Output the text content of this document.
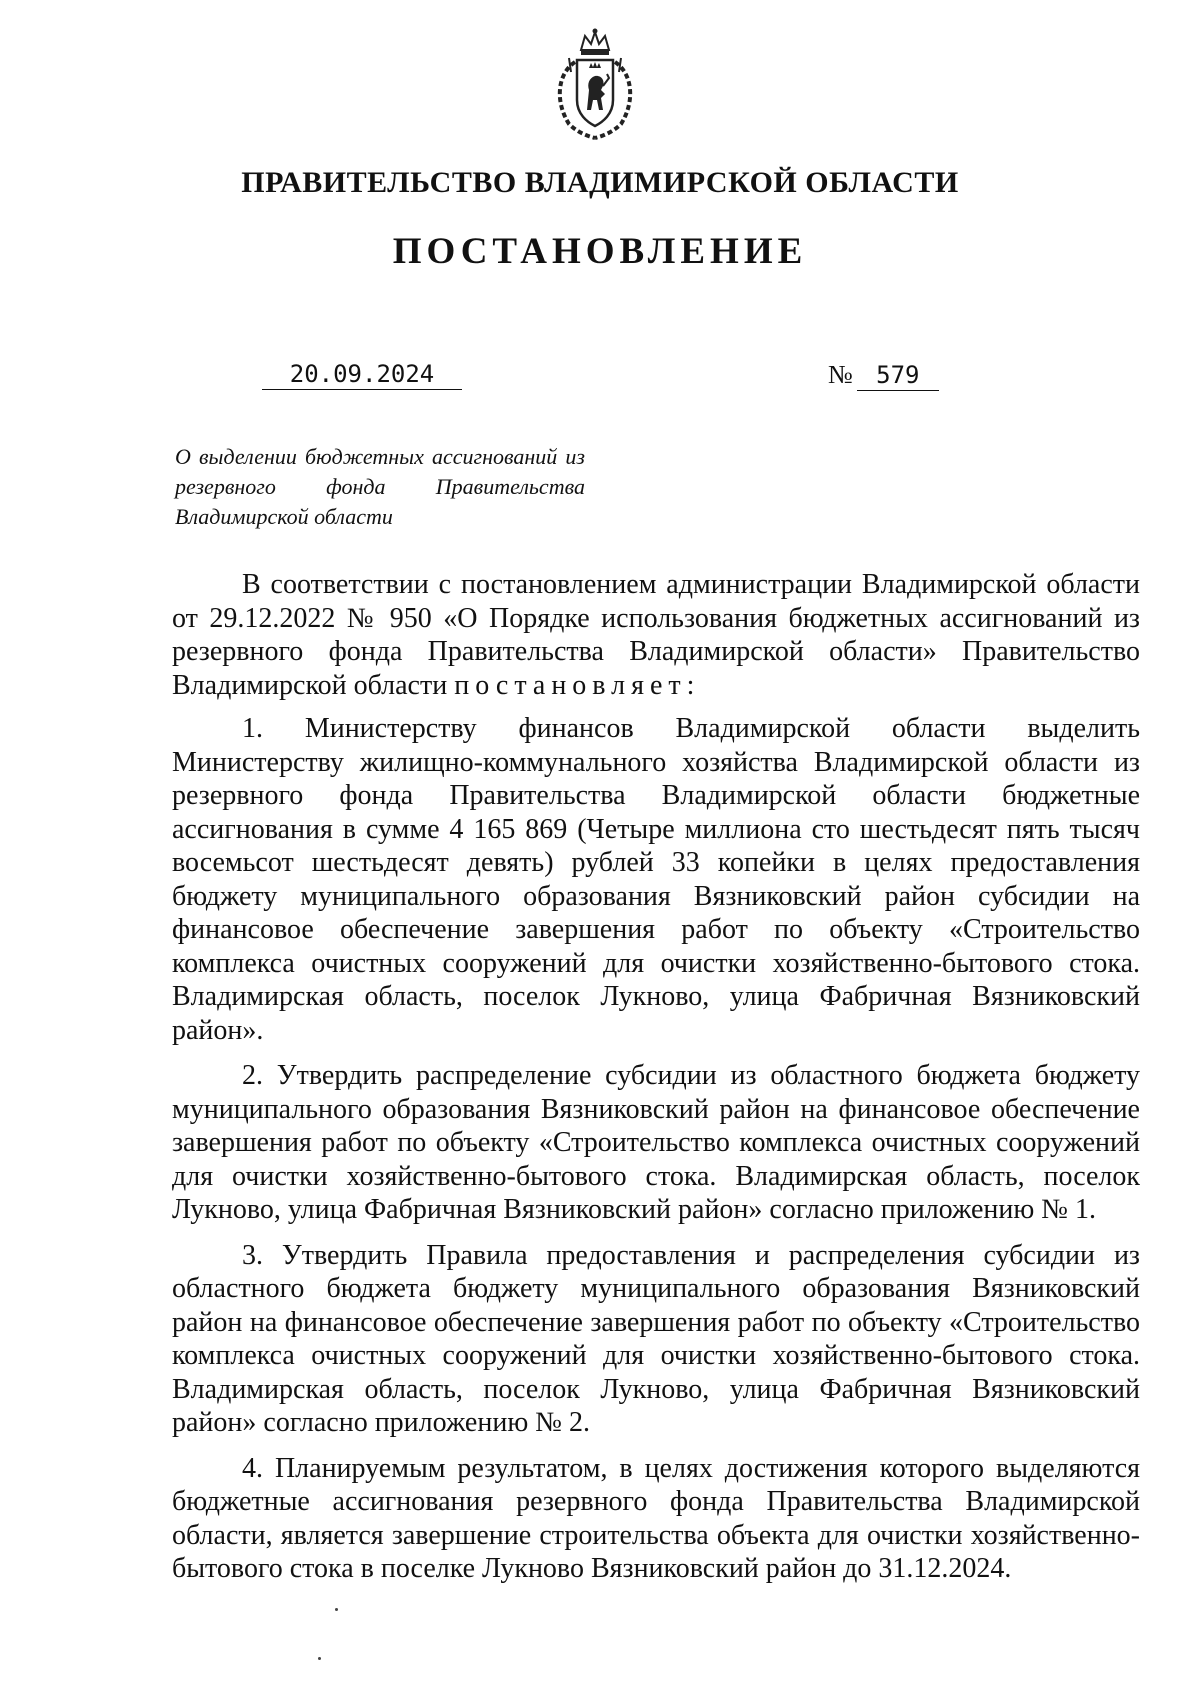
ПРАВИТЕЛЬСТВО ВЛАДИМИРСКОЙ ОБЛАСТИ
ПОСТАНОВЛЕНИЕ
20.09.2024	№ 579
О выделении бюджетных ассигнований из резервного фонда Правительства Владимирской области

В соответствии с постановлением администрации Владимирской области от 29.12.2022 № 950 «О Порядке использования бюджетных ассигнований из резервного фонда Правительства Владимирской области» Правительство Владимирской области постановляет:

1. Министерству финансов Владимирской области выделить Министерству жилищно-коммунального хозяйства Владимирской области из резервного фонда Правительства Владимирской области бюджетные ассигнования в сумме 4 165 869 (Четыре миллиона сто шестьдесят пять тысяч восемьсот шестьдесят девять) рублей 33 копейки в целях предоставления бюджету муниципального образования Вязниковский район субсидии на финансовое обеспечение завершения работ по объекту «Строительство комплекса очистных сооружений для очистки хозяйственно-бытового стока. Владимирская область, поселок Лукново, улица Фабричная Вязниковский район».

2. Утвердить распределение субсидии из областного бюджета бюджету муниципального образования Вязниковский район на финансовое обеспечение завершения работ по объекту «Строительство комплекса очистных сооружений для очистки хозяйственно-бытового стока. Владимирская область, поселок Лукново, улица Фабричная Вязниковский район» согласно приложению № 1.

3. Утвердить Правила предоставления и распределения субсидии из областного бюджета бюджету муниципального образования Вязниковский район на финансовое обеспечение завершения работ по объекту «Строительство комплекса очистных сооружений для очистки хозяйственно-бытового стока. Владимирская область, поселок Лукново, улица Фабричная Вязниковский район» согласно приложению № 2.

4. Планируемым результатом, в целях достижения которого выделяются бюджетные ассигнования резервного фонда Правительства Владимирской области, является завершение строительства объекта для очистки хозяйственно-бытового стока в поселке Лукново Вязниковский район до 31.12.2024.
